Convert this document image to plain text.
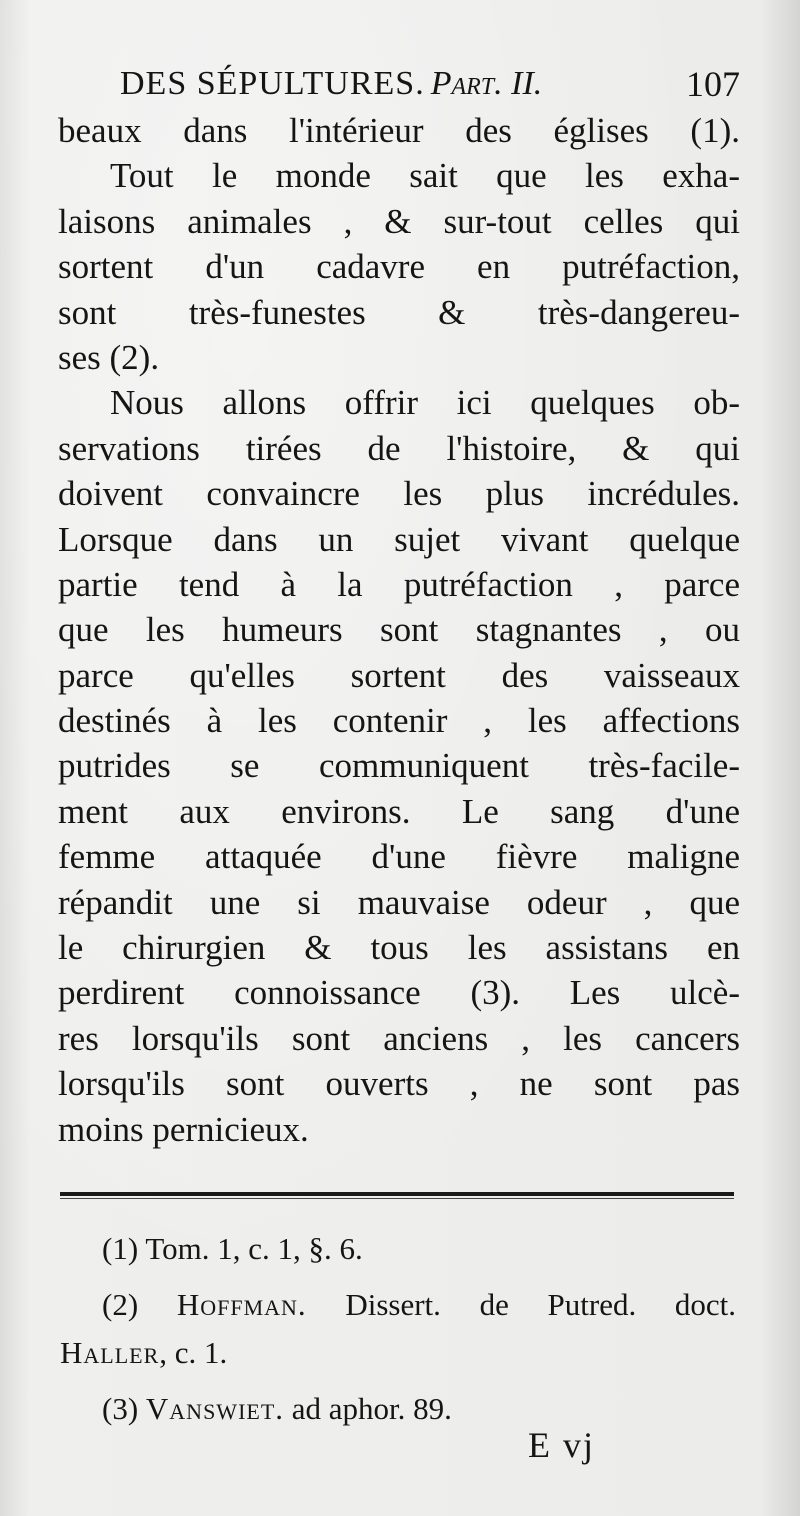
DES SÉPULTURES. Part. II.	107
beaux dans l'intérieur des églises (1).
Tout le monde sait que les exha-
laisons animales , & sur-tout celles qui
sortent d'un cadavre en putréfaction,
sont très-funestes & très-dangereu-
ses (2).
Nous allons offrir ici quelques ob-
servations tirées de l'histoire, & qui
doivent convaincre les plus incrédules.
Lorsque dans un sujet vivant quelque
partie tend à la putréfaction , parce
que les humeurs sont stagnantes , ou
parce qu'elles sortent des vaisseaux
destinés à les contenir , les affections
putrides se communiquent très-facile-
ment aux environs. Le sang d'une
femme attaquée d'une fièvre maligne
répandit une si mauvaise odeur , que
le chirurgien & tous les assistans en
perdirent connoissance (3). Les ulcè-
res lorsqu'ils sont anciens , les cancers
lorsqu'ils sont ouverts , ne sont pas
moins pernicieux.
(1) Tom. 1, c. 1, §. 6.
(2) Hoffman. Dissert. de Putred. doct.
Haller, c. 1.
(3) Vanswiet. ad aphor. 89.
E vj
